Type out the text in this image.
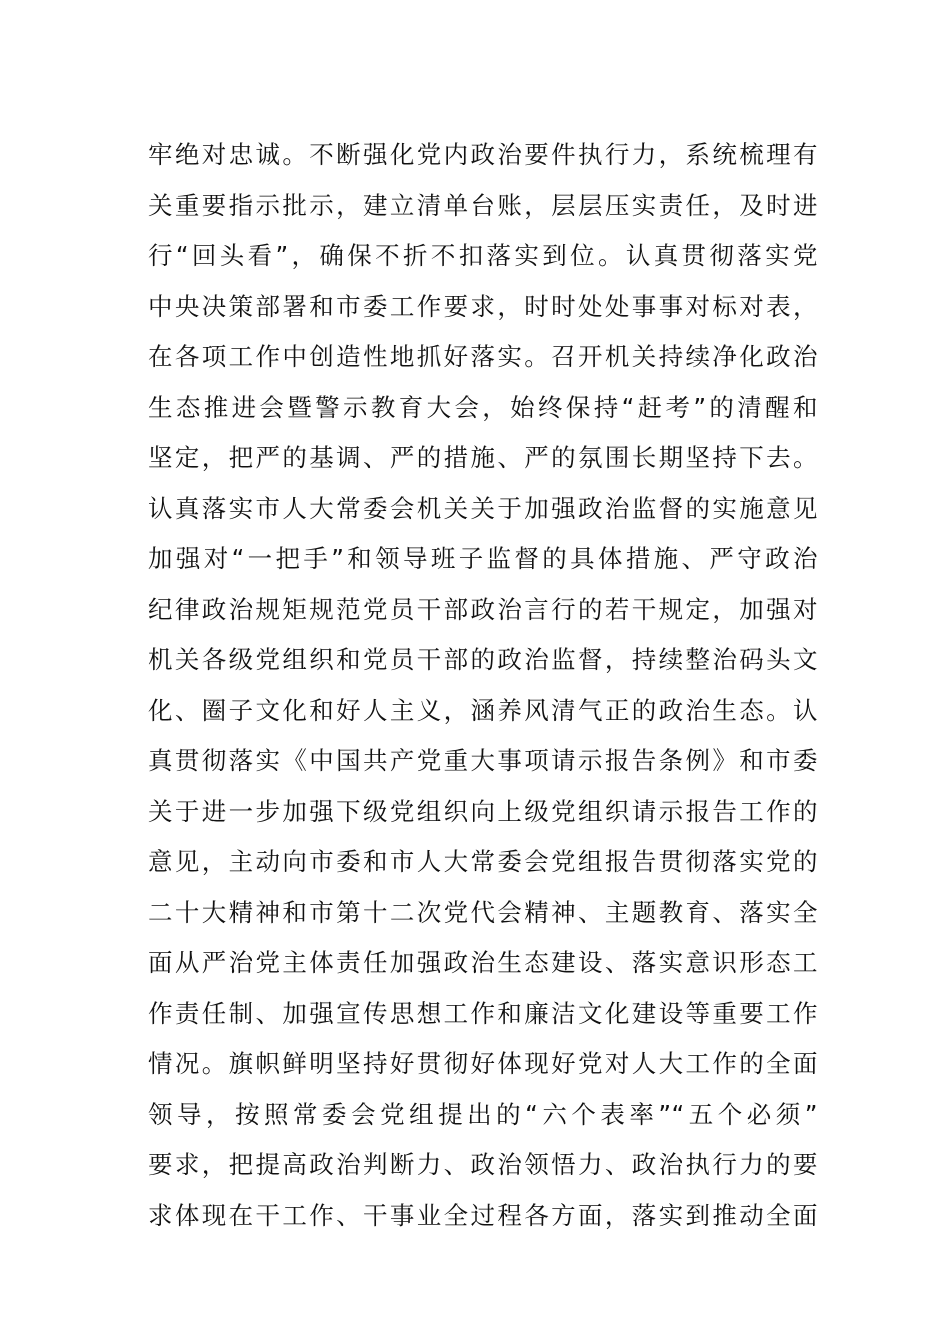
牢绝对忠诚。不断强化党内政治要件执行力，系统梳理有
关重要指示批示，建立清单台账，层层压实责任，及时进
行“回头看”，确保不折不扣落实到位。认真贯彻落实党
中央决策部署和市委工作要求，时时处处事事对标对表，
在各项工作中创造性地抓好落实。召开机关持续净化政治
生态推进会暨警示教育大会，始终保持“赶考”的清醒和
坚定，把严的基调、严的措施、严的氛围长期坚持下去。
认真落实市人大常委会机关关于加强政治监督的实施意见
加强对“一把手”和领导班子监督的具体措施、严守政治
纪律政治规矩规范党员干部政治言行的若干规定，加强对
机关各级党组织和党员干部的政治监督，持续整治码头文
化、圈子文化和好人主义，涵养风清气正的政治生态。认
真贯彻落实《中国共产党重大事项请示报告条例》和市委
关于进一步加强下级党组织向上级党组织请示报告工作的
意见，主动向市委和市人大常委会党组报告贯彻落实党的
二十大精神和市第十二次党代会精神、主题教育、落实全
面从严治党主体责任加强政治生态建设、落实意识形态工
作责任制、加强宣传思想工作和廉洁文化建设等重要工作
情况。旗帜鲜明坚持好贯彻好体现好党对人大工作的全面
领导，按照常委会党组提出的“六个表率”“五个必须”
要求，把提高政治判断力、政治领悟力、政治执行力的要
求体现在干工作、干事业全过程各方面，落实到推动全面
